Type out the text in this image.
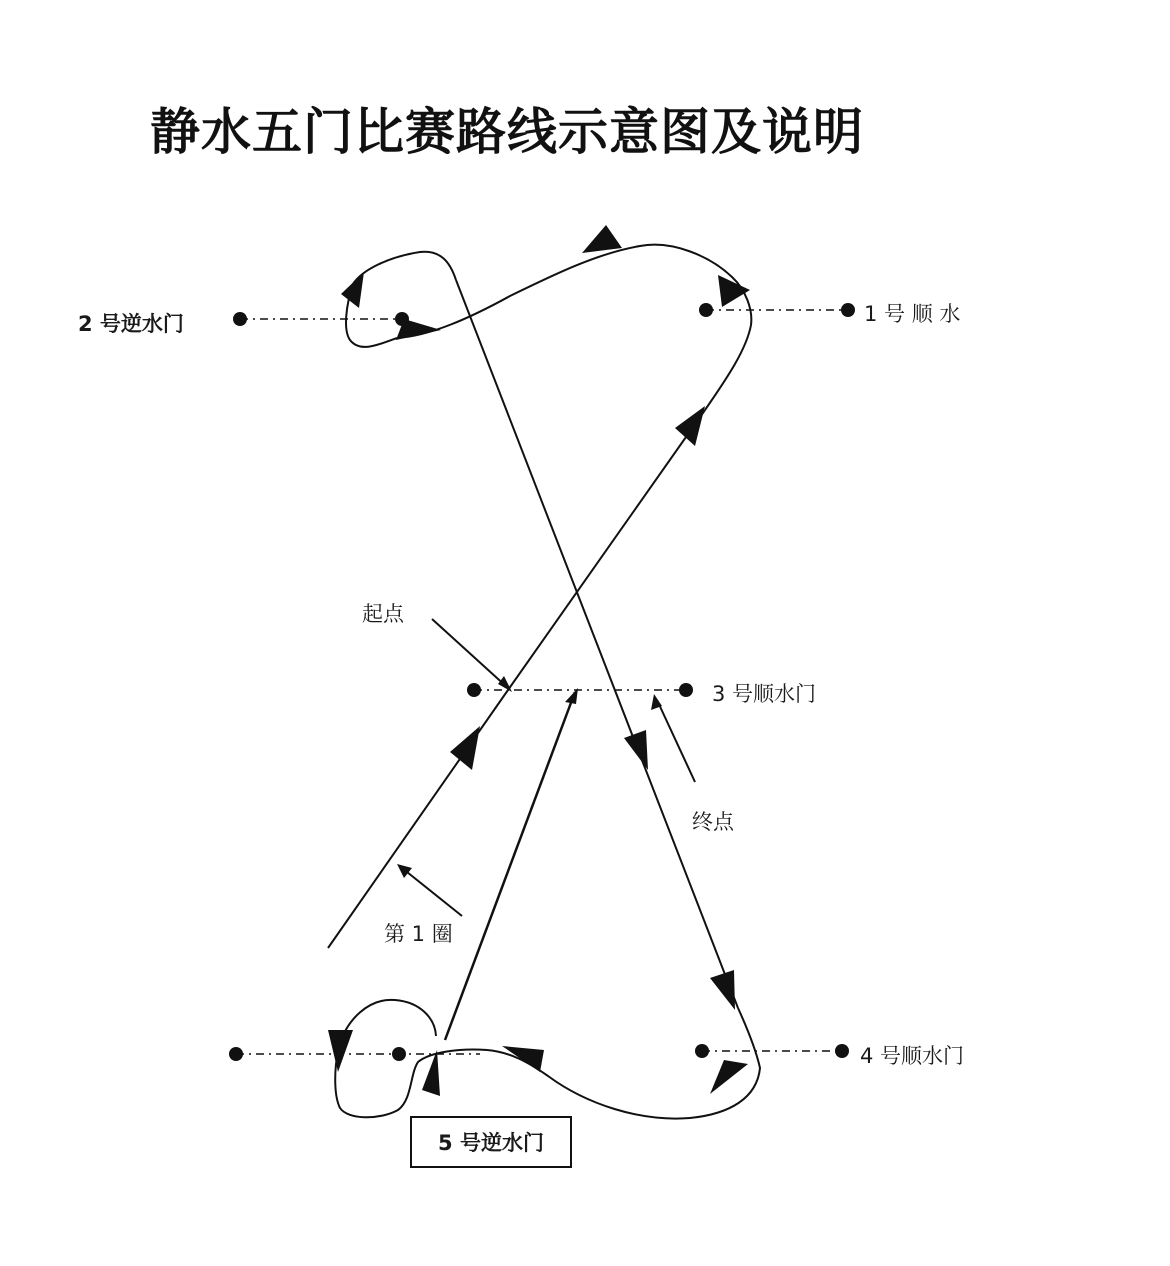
静水五门比赛路线示意图及说明
2 号逆水门	1 号 顺 水
3 号顺水门
4 号顺水门
5 号逆水门
起点
终点
第 1 圈
